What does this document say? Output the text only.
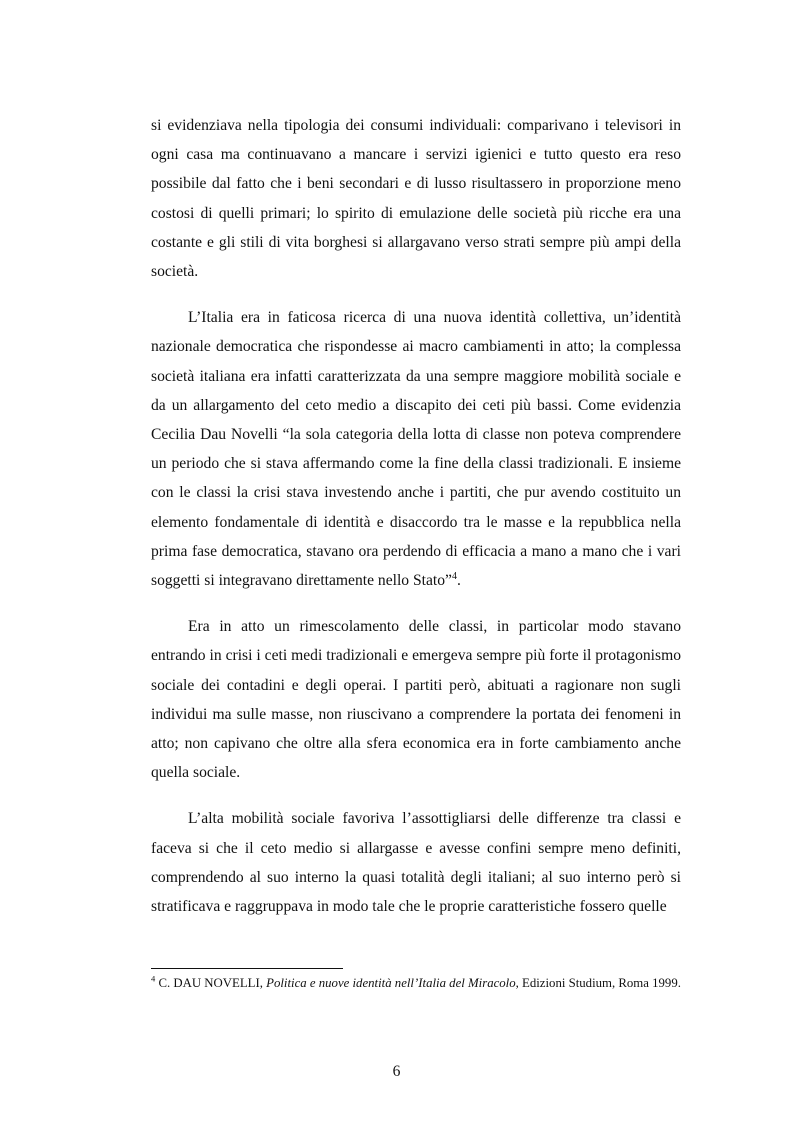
si evidenziava nella tipologia dei consumi individuali: comparivano i televisori in ogni casa ma continuavano a mancare i servizi igienici e tutto questo era reso possibile dal fatto che i beni secondari e di lusso risultassero in proporzione meno costosi di quelli primari; lo spirito di emulazione delle società più ricche era una costante e gli stili di vita borghesi si allargavano verso strati sempre più ampi della società.

L’Italia era in faticosa ricerca di una nuova identità collettiva, un’identità nazionale democratica che rispondesse ai macro cambiamenti in atto; la complessa società italiana era infatti caratterizzata da una sempre maggiore mobilità sociale e da un allargamento del ceto medio a discapito dei ceti più bassi. Come evidenzia Cecilia Dau Novelli “la sola categoria della lotta di classe non poteva comprendere un periodo che si stava affermando come la fine della classi tradizionali. E insieme con le classi la crisi stava investendo anche i partiti, che pur avendo costituito un elemento fondamentale di identità e disaccordo tra le masse e la repubblica nella prima fase democratica, stavano ora perdendo di efficacia a mano a mano che i vari soggetti si integravano direttamente nello Stato”$^4$.

Era in atto un rimescolamento delle classi, in particolar modo stavano entrando in crisi i ceti medi tradizionali e emergeva sempre più forte il protagonismo sociale dei contadini e degli operai. I partiti però, abituati a ragionare non sugli individui ma sulle masse, non riuscivano a comprendere la portata dei fenomeni in atto; non capivano che oltre alla sfera economica era in forte cambiamento anche quella sociale.

L’alta mobilità sociale favoriva l’assottigliarsi delle differenze tra classi e faceva si che il ceto medio si allargasse e avesse confini sempre meno definiti, comprendendo al suo interno la quasi totalità degli italiani; al suo interno però si stratificava e raggruppava in modo tale che le proprie caratteristiche fossero quelle

$^4$ C. DAU NOVELLI, Politica e nuove identità nell’Italia del Miracolo, Edizioni Studium, Roma 1999.

6
